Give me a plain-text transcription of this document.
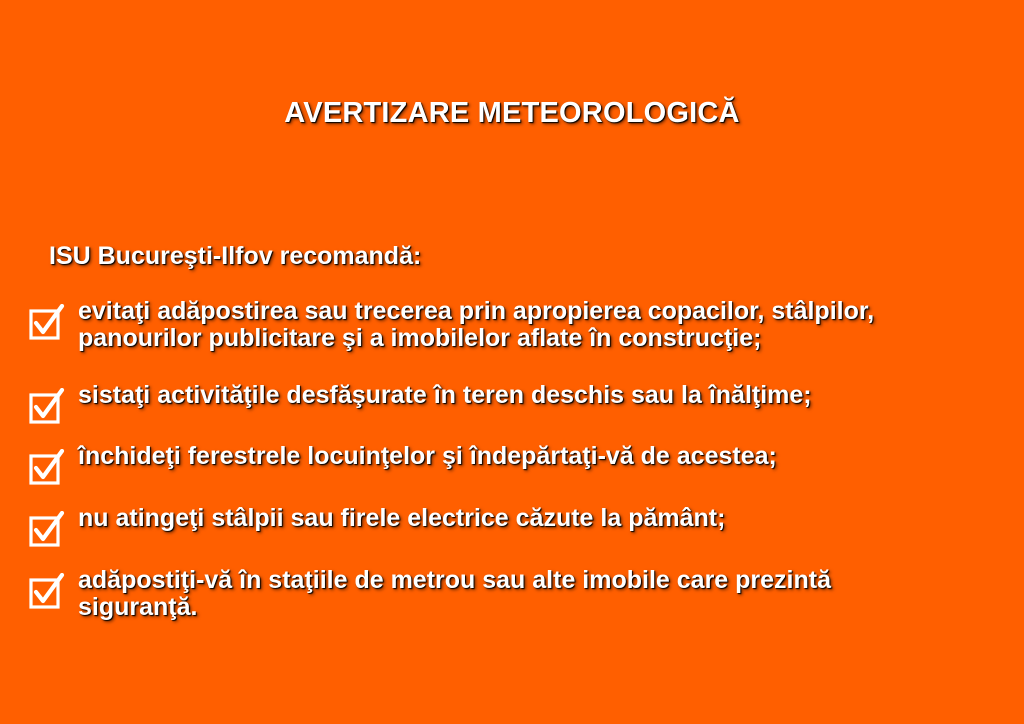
AVERTIZARE METEOROLOGICĂ
ISU Bucureşti-Ilfov recomandă:
evitaţi adăpostirea sau trecerea prin apropierea copacilor, stâlpilor,
panourilor publicitare şi a imobilelor aflate în construcţie;
sistaţi activităţile desfăşurate în teren deschis sau la înălţime;
închideţi ferestrele locuinţelor şi îndepărtaţi-vă de acestea;
nu atingeţi stâlpii sau firele electrice căzute la pământ;
adăpostiţi-vă în staţiile de metrou sau alte imobile care prezintă
siguranţă.
